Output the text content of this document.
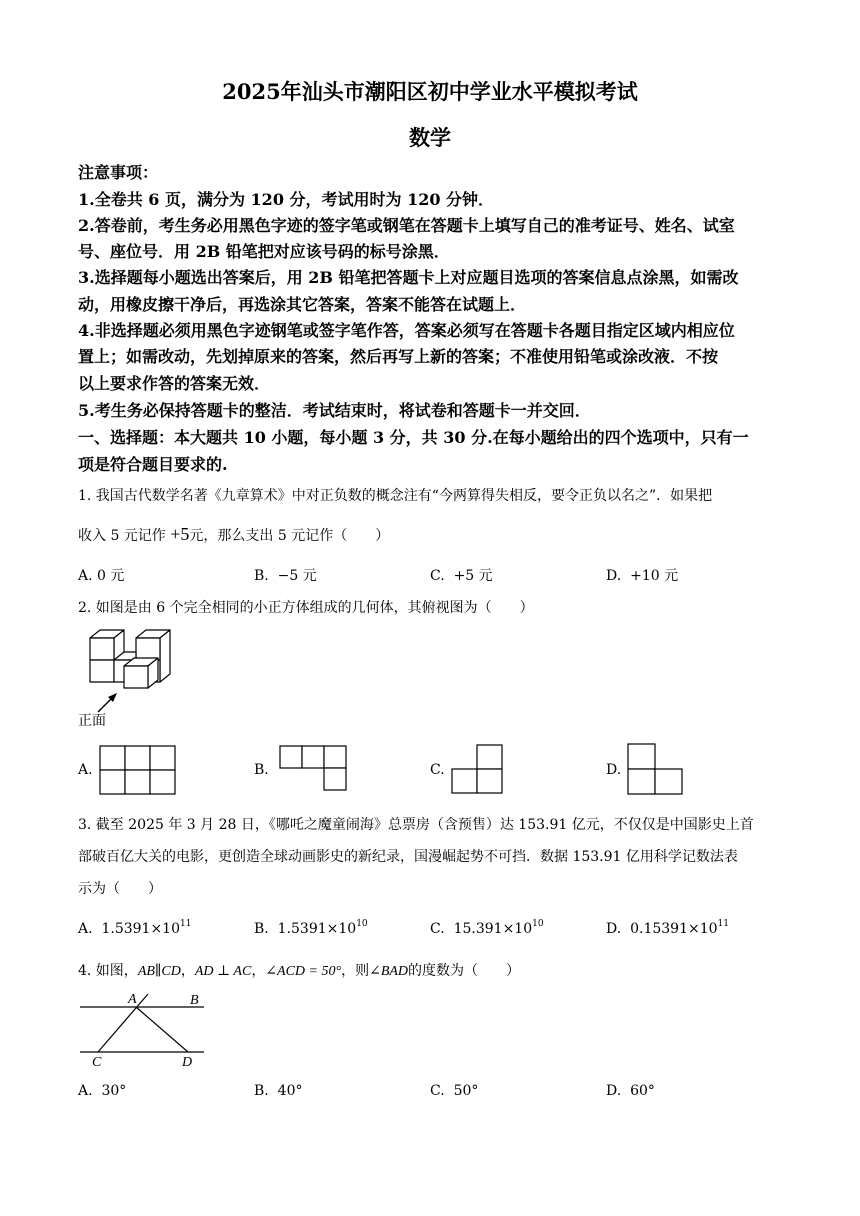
2025年汕头市潮阳区初中学业水平模拟考试
数学
注意事项：
1.全卷共 6 页，满分为 120 分，考试用时为 120 分钟．
2.答卷前，考生务必用黑色字迹的签字笔或钢笔在答题卡上填写自己的准考证号、姓名、试室
号、座位号．用 2B 铅笔把对应该号码的标号涂黑．
3.选择题每小题选出答案后，用 2B 铅笔把答题卡上对应题目选项的答案信息点涂黑，如需改
动，用橡皮擦干净后，再选涂其它答案，答案不能答在试题上．
4.非选择题必须用黑色字迹钢笔或签字笔作答，答案必须写在答题卡各题目指定区域内相应位
置上；如需改动，先划掉原来的答案，然后再写上新的答案；不准使用铅笔或涂改液．不按
以上要求作答的答案无效．
5.考生务必保持答题卡的整洁．考试结束时，将试卷和答题卡一并交回．
一、选择题：本大题共 10 小题，每小题 3 分，共 30 分.在每小题给出的四个选项中，只有一
项是符合题目要求的.
1. 我国古代数学名著《九章算术》中对正负数的概念注有“今两算得失相反，要令正负以名之”．如果把
收入 5 元记作 +5元，那么支出 5 元记作（　　）
A. 0 元	B. −5 元	C. +5 元	D. +10 元
2. 如图是由 6 个完全相同的小正方体组成的几何体，其俯视图为（　　）
正面
A.	B.	C.	D.
3. 截至 2025 年 3 月 28 日，《哪吒之魔童闹海》总票房（含预售）达 153.91 亿元，不仅仅是中国影史上首
部破百亿大关的电影，更创造全球动画影史的新纪录，国漫崛起势不可挡．数据 153.91 亿用科学记数法表
示为（　　）
A. $1.5391\times 10^{11}$	B. $1.5391\times 10^{10}$	C. $15.391\times 10^{10}$	D. $0.15391\times 10^{11}$
4. 如图，AB∥CD，AD ⊥ AC，∠ACD = 50°，则∠BAD的度数为（　　）
A	B
C	D
A. 30°	B. 40°	C. 50°	D. 60°
